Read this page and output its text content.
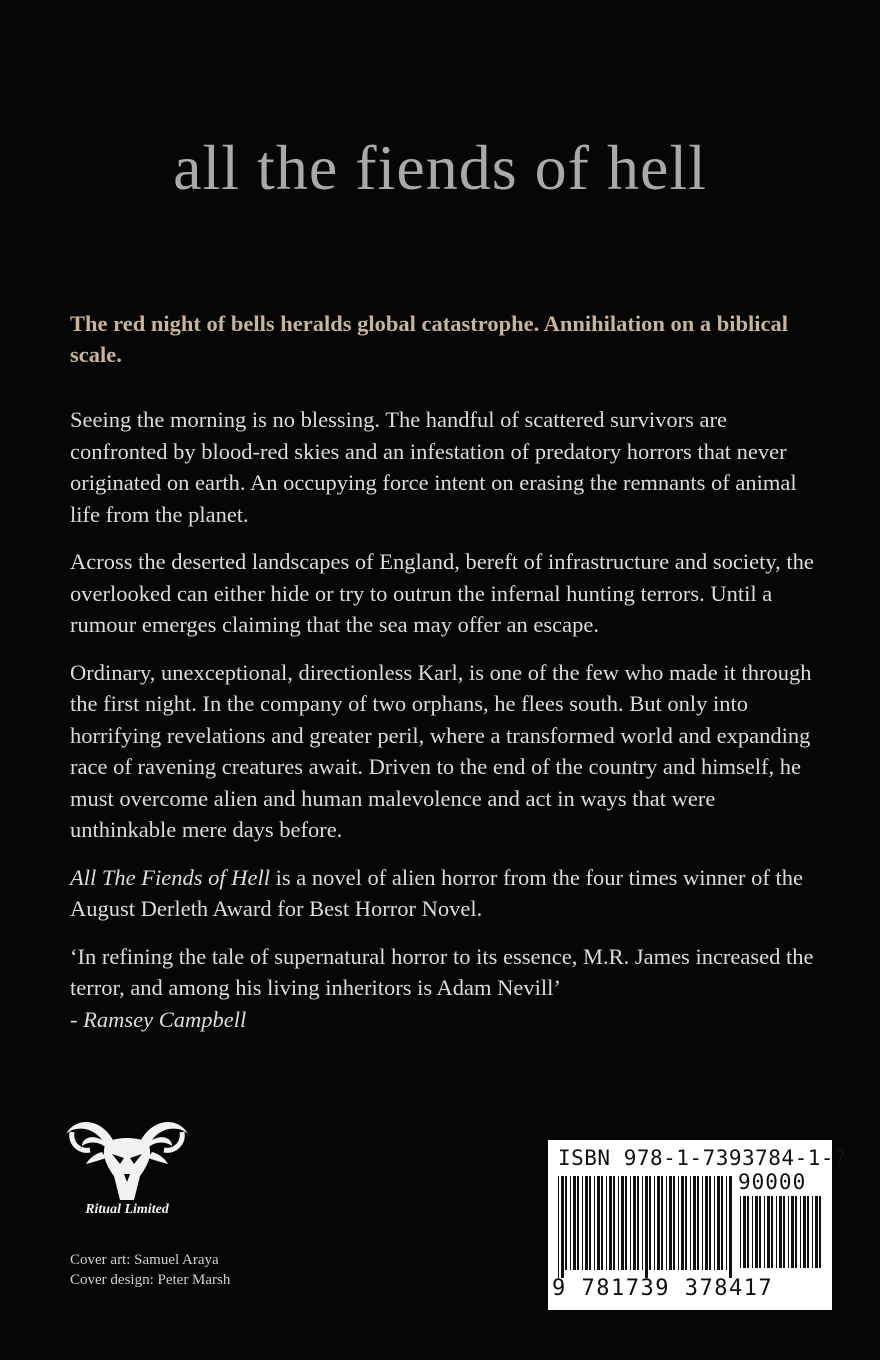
all the fiends of hell

The red night of bells heralds global catastrophe. Annihilation on a biblical scale.

Seeing the morning is no blessing. The handful of scattered survivors are confronted by blood-red skies and an infestation of predatory horrors that never originated on earth. An occupying force intent on erasing the remnants of animal life from the planet.

Across the deserted landscapes of England, bereft of infrastructure and society, the overlooked can either hide or try to outrun the infernal hunting terrors. Until a rumour emerges claiming that the sea may offer an escape.

Ordinary, unexceptional, directionless Karl, is one of the few who made it through the first night. In the company of two orphans, he flees south. But only into horrifying revelations and greater peril, where a transformed world and expanding race of ravening creatures await. Driven to the end of the country and himself, he must overcome alien and human malevolence and act in ways that were unthinkable mere days before.

All The Fiends of Hell is a novel of alien horror from the four times winner of the August Derleth Award for Best Horror Novel.

‘In refining the tale of supernatural horror to its essence, M.R. James increased the terror, and among his living inheritors is Adam Nevill’
- Ramsey Campbell

Ritual Limited
Cover art: Samuel Araya
Cover design: Peter Marsh
ISBN 978-1-7393784-1-7
90000
9 781739 378417
